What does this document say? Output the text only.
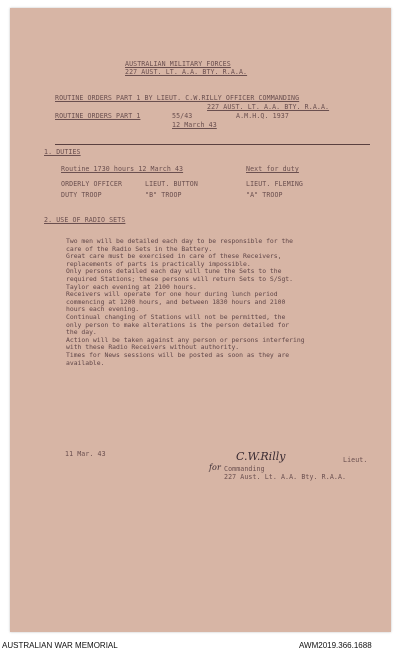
AUSTRALIAN MILITARY FORCES
227 AUST. LT. A.A. BTY. R.A.A.
ROUTINE ORDERS PART 1 BY LIEUT. C.W.RILLY OFFICER COMMANDING
227 AUST. LT. A.A. BTY. R.A.A.
ROUTINE ORDERS PART 1	55/43	A.M.H.Q. 1937
12 March 43
1. DUTIES
Routine 1730 hours 12 March 43	Next for duty
ORDERLY OFFICER	LIEUT. BUTTON	LIEUT. FLEMING
DUTY TROOP	"B" TROOP	"A" TROOP
2. USE OF RADIO SETS
Two men will be detailed each day to be responsible for the
care of the Radio Sets in the Battery.
Great care must be exercised in care of these Receivers,
replacements of parts is practically impossible.
Only persons detailed each day will tune the Sets to the
required Stations; these persons will return Sets to S/Sgt.
Taylor each evening at 2100 hours.
Receivers will operate for one hour during lunch period
commencing at 1200 hours, and between 1830 hours and 2100
hours each evening.
Continual changing of Stations will not be permitted, the
only person to make alterations is the person detailed for
the day.
Action will be taken against any person or persons interfering
with these Radio Receivers without authority.
Times for News sessions will be posted as soon as they are
available.
11 Mar. 43	C.W.Rilly	Lieut.
for Commanding
227 Aust. Lt. A.A. Bty. R.A.A.
AUSTRALIAN WAR MEMORIAL	AWM2019.366.1688
